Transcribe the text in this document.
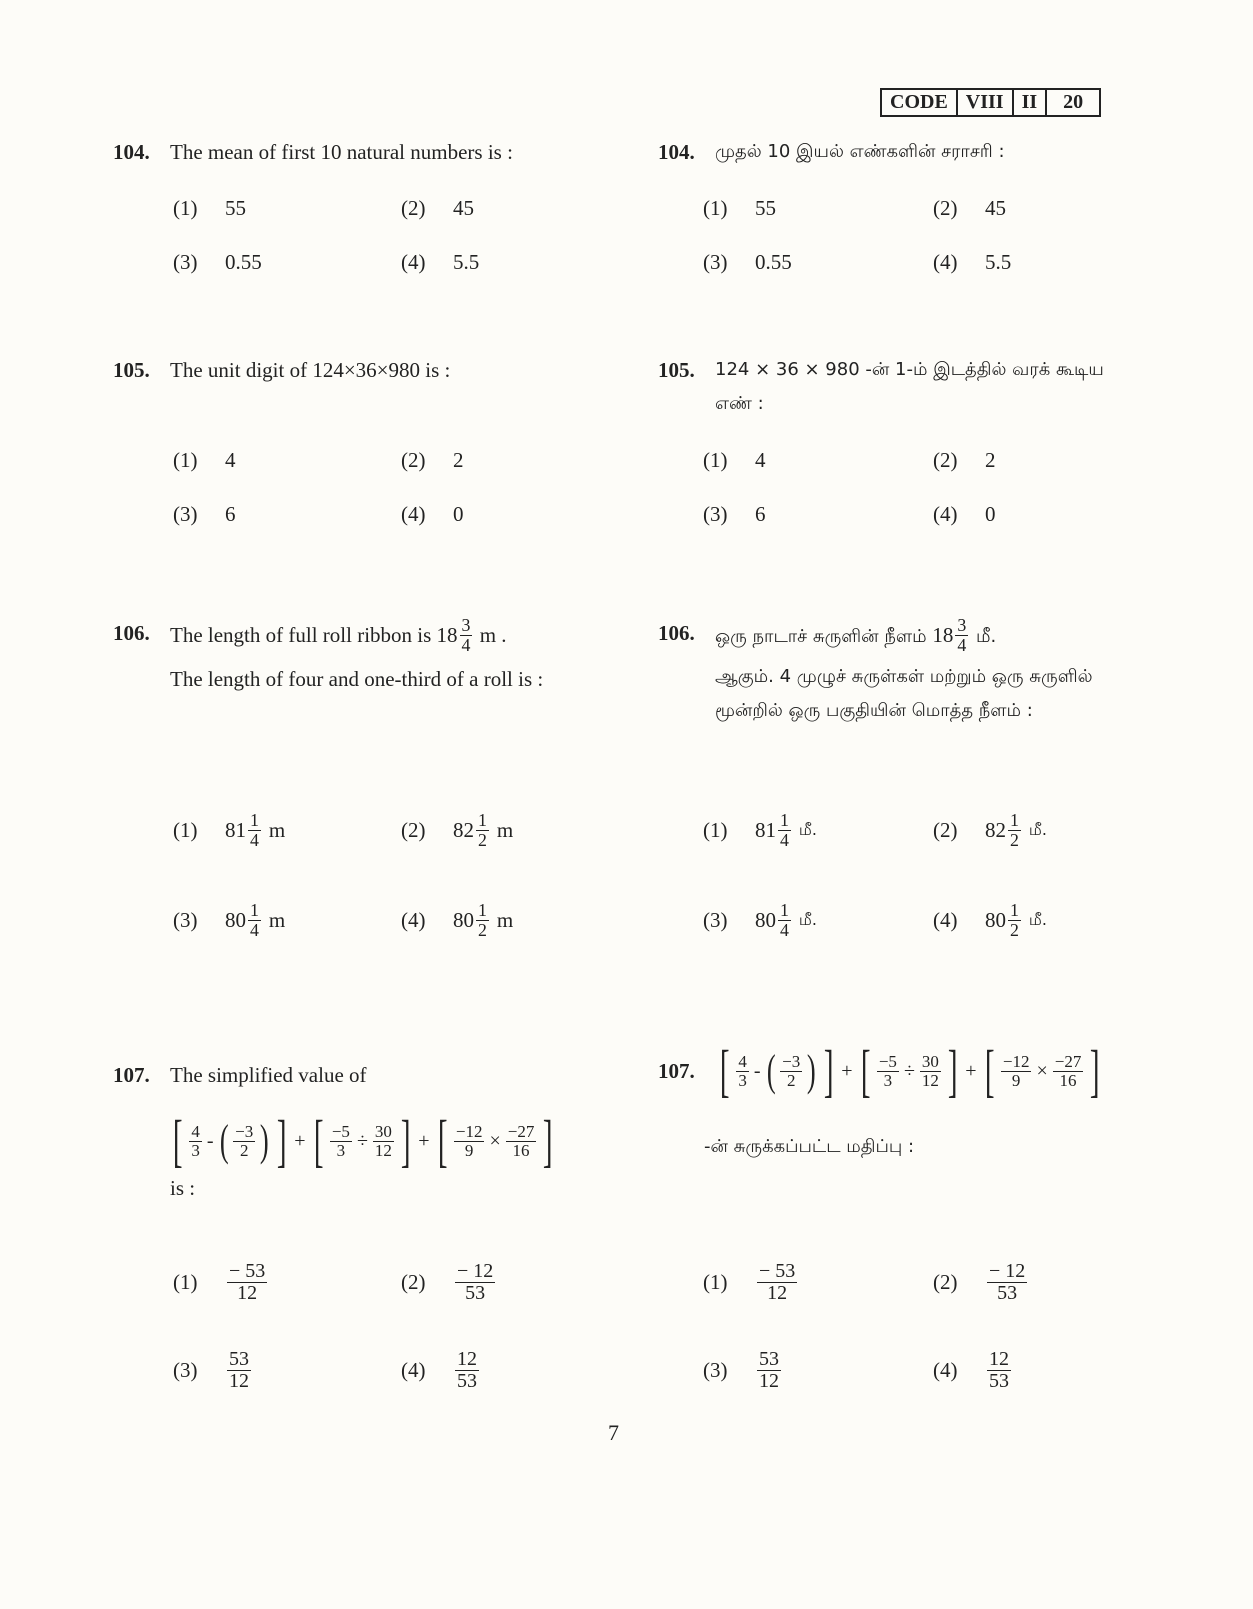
CODE VIII II	20
104. The mean of first 10 natural numbers is :
(1)	55	(2)	45
(3)	0.55	(4)	5.5
105. The unit digit of 124×36×980 is :
(1)	4	(2)	2
(3)	6	(4)	0
106. The length of full roll ribbon is $18 \frac{3}{4}$ m .
The length of four and one-third of a roll is :
(1)	$81 \frac{1}{4}$ m	(2)	$82 \frac{1}{2}$ m
(3)	$80 \frac{1}{4}$ m	(4)	$80 \frac{1}{2}$ m
107. The simplified value of
[ $\frac{4}{3}$ - ( $\frac{-3}{2}$ ) ] + [ $\frac{-5}{3} \div \frac{30}{12}$ ] + [ $\frac{-12}{9} \times \frac{-27}{16}$ ]
is :
(1)	$\frac{- 53}{12}$	(2)	$\frac{- 12}{53}$
(3)	$\frac{53}{12}$	(4)	$\frac{12}{53}$
104.	முதல் 10 இயல் எண்களின் சராசரி :
(1)	55	(2)	45
(3)	0.55	(4)	5.5
105.	124 × 36 × 980 -ன் 1-ம் இடத்தில் வரக் கூடிய எண் :
(1)	4	(2)	2
(3)	6	(4)	0
106.	ஒரு நாடாச் சுருளின் நீளம் $18 \frac{3}{4}$ மீ.
ஆகும். 4 முழுச் சுருள்கள் மற்றும் ஒரு சுருளில் மூன்றில் ஒரு பகுதியின் மொத்த நீளம் :
(1)	$81 \frac{1}{4}$ மீ.	(2)	$82 \frac{1}{2}$ மீ.
(3)	$80 \frac{1}{4}$ மீ.	(4)	$80 \frac{1}{2}$ மீ.
107. [ $\frac{4}{3}$ - ( $\frac{-3}{2}$ ) ] + [ $\frac{-5}{3} \div \frac{30}{12}$ ] + [ $\frac{-12}{9} \times \frac{-27}{16}$ ]
-ன் சுருக்கப்பட்ட மதிப்பு :
(1)	$\frac{- 53}{12}$	(2)	$\frac{- 12}{53}$
(3)	$\frac{53}{12}$	(4)	$\frac{12}{53}$
7
